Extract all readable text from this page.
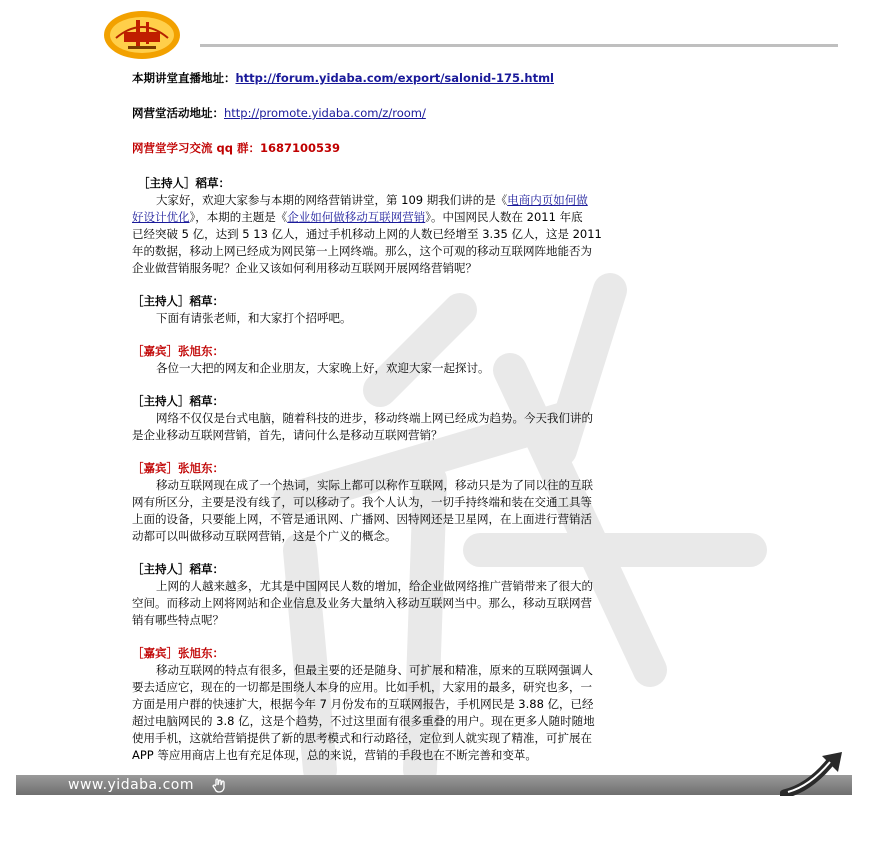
本期讲堂直播地址：http://forum.yidaba.com/export/salonid-175.html
网营堂活动地址：http://promote.yidaba.com/z/room/
网营堂学习交流 qq 群：1687100539
［主持人］稻草：

大家好，欢迎大家参与本期的网络营销讲堂，第 109 期我们讲的是《电商内页如何做

好设计优化》，本期的主题是《企业如何做移动互联网营销》。中国网民人数在 2011 年底

已经突破 5 亿，达到 5 13 亿人，通过手机移动上网的人数已经增至 3.35 亿人，这是 2011

年的数据，移动上网已经成为网民第一上网终端。那么，这个可观的移动互联网阵地能否为

企业做营销服务呢？企业又该如何利用移动互联网开展网络营销呢？

［主持人］稻草：

下面有请张老师，和大家打个招呼吧。

［嘉宾］张旭东：

各位一大把的网友和企业朋友，大家晚上好，欢迎大家一起探讨。

［主持人］稻草：

网络不仅仅是台式电脑，随着科技的进步，移动终端上网已经成为趋势。今天我们讲的

是企业移动互联网营销，首先，请问什么是移动互联网营销？

［嘉宾］张旭东：

移动互联网现在成了一个热词，实际上都可以称作互联网，移动只是为了同以往的互联

网有所区分，主要是没有线了，可以移动了。我个人认为，一切手持终端和装在交通工具等

上面的设备，只要能上网，不管是通讯网、广播网、因特网还是卫星网，在上面进行营销活

动都可以叫做移动互联网营销，这是个广义的概念。

［主持人］稻草：

上网的人越来越多，尤其是中国网民人数的增加，给企业做网络推广营销带来了很大的

空间。而移动上网将网站和企业信息及业务大量纳入移动互联网当中。那么，移动互联网营

销有哪些特点呢？

［嘉宾］张旭东：

移动互联网的特点有很多，但最主要的还是随身、可扩展和精准，原来的互联网强调人

要去适应它，现在的一切都是围绕人本身的应用。比如手机，大家用的最多，研究也多，一

方面是用户群的快速扩大，根据今年 7 月份发布的互联网报告，手机网民是 3.88 亿，已经

超过电脑网民的 3.8 亿，这是个趋势，不过这里面有很多重叠的用户。现在更多人随时随地

使用手机，这就给营销提供了新的思考模式和行动路径，定位到人就实现了精准，可扩展在

APP 等应用商店上也有充足体现，总的来说，营销的手段也在不断完善和变革。

www.yidaba.com
